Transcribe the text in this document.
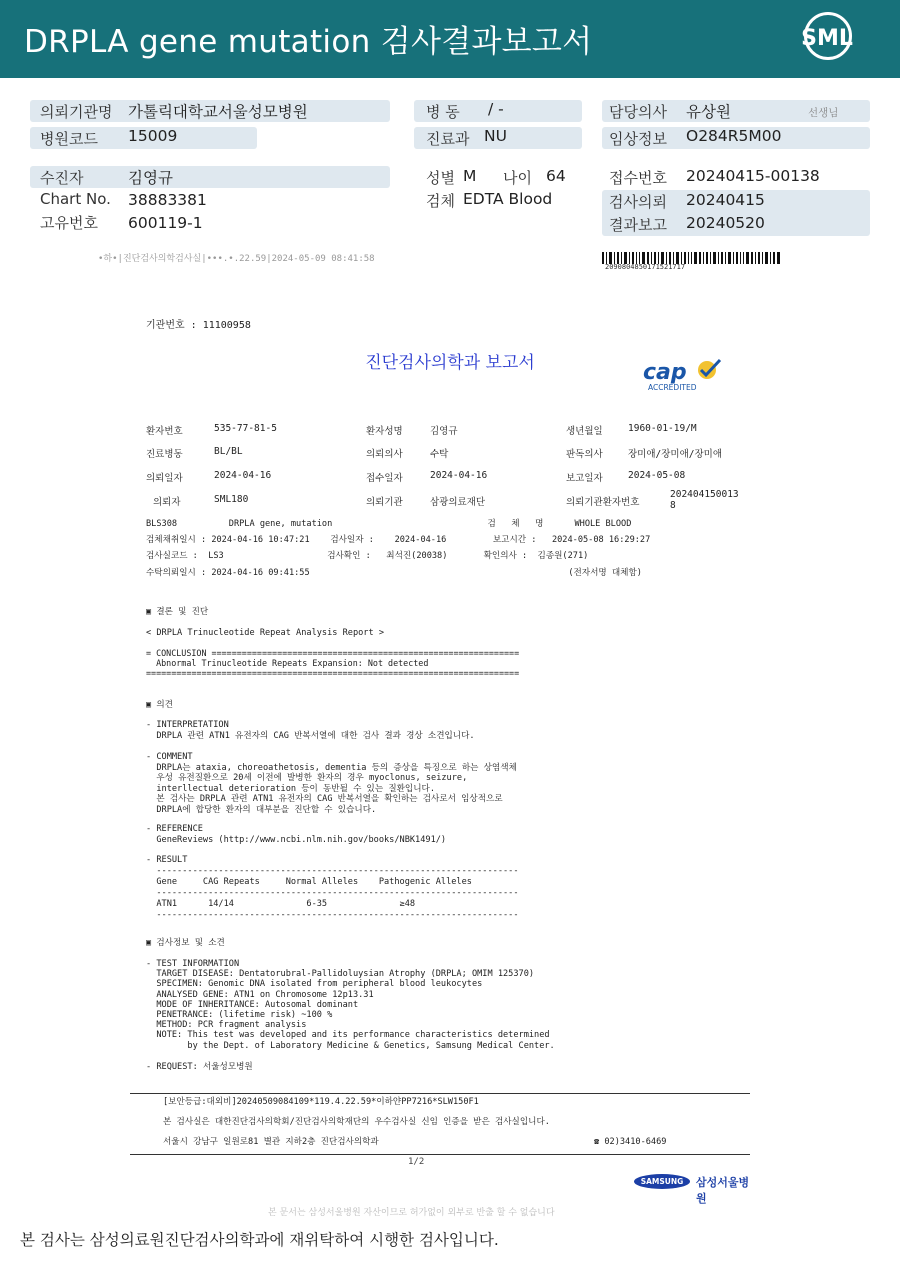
DRPLA gene mutation 검사결과보고서	SML
의뢰기관명 가톨릭대학교서울성모병원
병원코드 15009
병 동 / -
진료과 NU
담당의사 유상원	선생님
임상정보 O284R5M00
수진자	김영규
Chart No. 38883381
고유번호 600119-1
성별 M 나이 64
검체 EDTA Blood
접수번호 20240415-00138
검사의뢰 20240415
결과보고 20240520
•하•|진단검사의학검사실|•••.•.22.59|2024-05-09 08:41:58
2090804850171521717
기관번호 : 11100958
진단검사의학과 보고서	cap
ACCREDITED
환자번호	535-77-81-5	환자성명	김영규	생년월일	1960-01-19/M
진료병동	BL/BL	의뢰의사	수탁	판독의사	장미애/장미애/장미애
의뢰일자	2024-04-16	접수일자	2024-04-16	보고일자	2024-05-08
의뢰자	SML180	의뢰기관	삼광의료재단	의뢰기관환자번호
202404150013
8
BLS308          DRPLA gene, mutation                              검   체   명      WHOLE BLOOD
검체채취일시 : 2024-04-16 10:47:21    검사일자 :    2024-04-16         보고시간 :   2024-05-08 16:29:27
검사실코드 :  LS3                    검사확인 :   최석진(20038)       확인의사 :  김종원(271)
수탁의뢰일시 : 2024-04-16 09:41:55                                                  (전자서명 대체함)
▣ 결론 및 진단
< DRPLA Trinucleotide Repeat Analysis Report >
= CONCLUSION =============================================================
Abnormal Trinucleotide Repeats Expansion: Not detected
==========================================================================
▣ 의견
- INTERPRETATION
DRPLA 관련 ATN1 유전자의 CAG 반복서열에 대한 검사 결과 경상 소견입니다.
- COMMENT
DRPLA는 ataxia, choreoathetosis, dementia 등의 증상을 특징으로 하는 상염색체
우성 유전질환으로 20세 이전에 발병한 환자의 경우 myoclonus, seizure,
interllectual deterioration 등이 동반될 수 있는 질환입니다.
본 검사는 DRPLA 관련 ATN1 유전자의 CAG 반복서열을 확인하는 검사로서 임상적으로
DRPLA에 합당한 환자의 대부분을 진단할 수 있습니다.
- REFERENCE
GeneReviews (http://www.ncbi.nlm.nih.gov/books/NBK1491/)
- RESULT
----------------------------------------------------------------------
Gene     CAG Repeats     Normal Alleles    Pathogenic Alleles
----------------------------------------------------------------------
ATN1      14/14              6-35              ≥48
----------------------------------------------------------------------
▣ 검사정보 및 소견
- TEST INFORMATION
TARGET DISEASE: Dentatorubral-Pallidoluysian Atrophy (DRPLA; OMIM 125370)
SPECIMEN: Genomic DNA isolated from peripheral blood leukocytes
ANALYSED GENE: ATN1 on Chromosome 12p13.31
MODE OF INHERITANCE: Autosomal dominant
PENETRANCE: (lifetime risk) ~100 %
METHOD: PCR fragment analysis
NOTE: This test was developed and its performance characteristics determined
by the Dept. of Laboratory Medicine & Genetics, Samsung Medical Center.
- REQUEST: 서울성모병원
[보안등급:대외비]20240509084109*119.4.22.59*이하얀PP7216*SLW150F1
본 검사실은 대한진단검사의학회/진단검사의학재단의 우수검사실 신임 인증을 받은 검사실입니다.
서울시 강남구 일원로81 별관 지하2층 진단검사의학과	☎ 02)3410-6469
1/2
SAMSUNG	삼성서울병원
본 문서는 삼성서울병원 자산이므로 허가없이 외부로 반출 할 수 없습니다
본 검사는 삼성의료원진단검사의학과에 재위탁하여 시행한 검사입니다.
